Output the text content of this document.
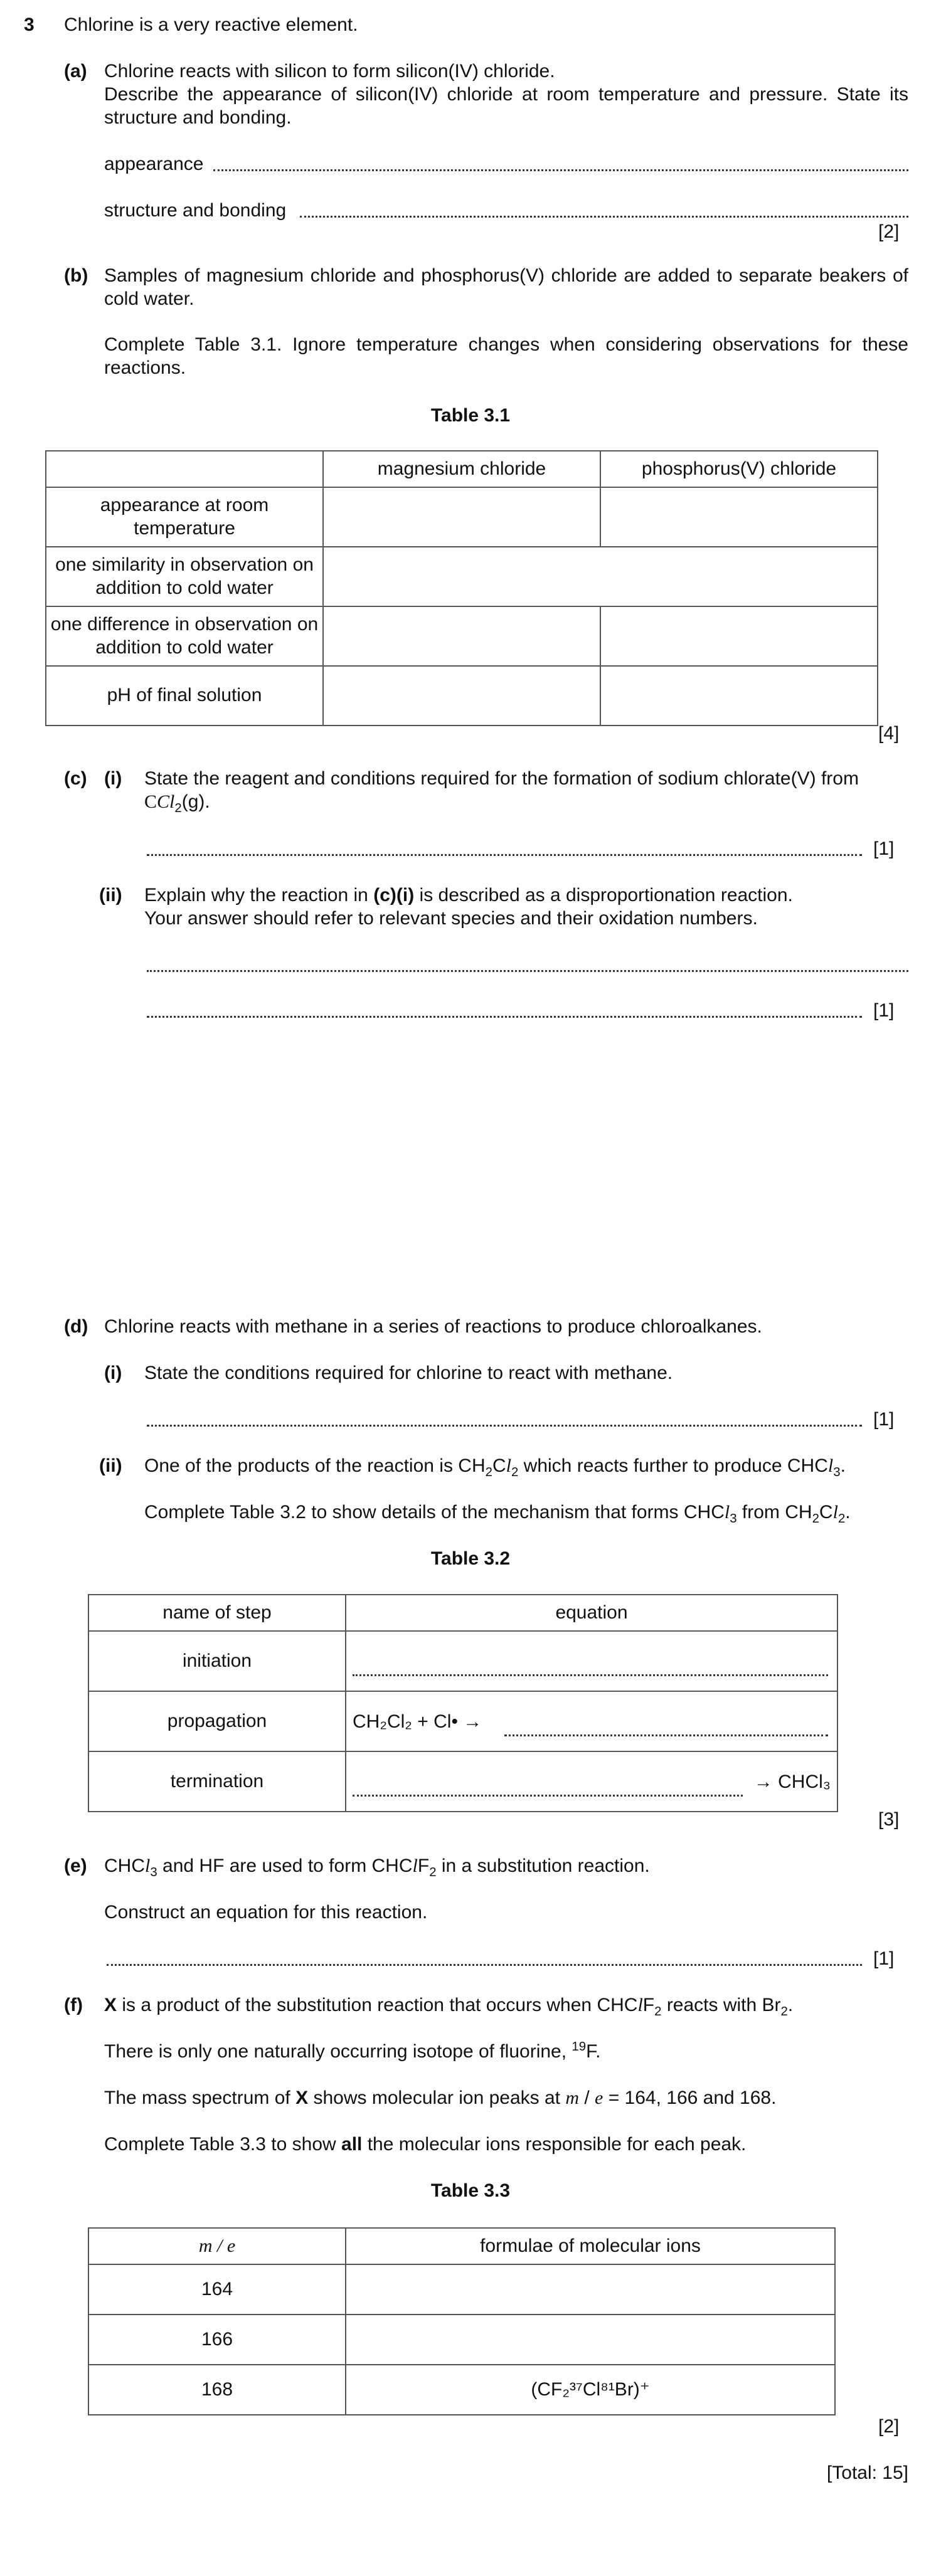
3 Chlorine is a very reactive element.
(a) Chlorine reacts with silicon to form silicon(IV) chloride.
Describe the appearance of silicon(IV) chloride at room temperature and pressure. State its structure and bonding.
appearance
structure and bonding
[2]
(b) Samples of magnesium chloride and phosphorus(V) chloride are added to separate beakers of cold water.
Complete Table 3.1. Ignore temperature changes when considering observations for these reactions.
Table 3.1
	magnesium chloride	phosphorus(V) chloride
appearance at room temperature		
one similarity in observation on addition to cold water		
one difference in observation on addition to cold water		
pH of final solution		
[4]
(c) (i) State the reagent and conditions required for the formation of sodium chlorate(V) from
CCl$_2$(g).
[1]
(ii) Explain why the reaction in (c)(i) is described as a disproportionation reaction.
Your answer should refer to relevant species and their oxidation numbers.
[1]
(d) Chlorine reacts with methane in a series of reactions to produce chloroalkanes.
(i) State the conditions required for chlorine to react with methane.
[1]
(ii) One of the products of the reaction is $CH_2Cl_2$ which reacts further to produce CHCl$_3$.
Complete Table 3.2 to show details of the mechanism that forms CHCl$_3$ from $CH_2Cl_2$.
Table 3.2
name of step	equation
initiation	

propagation	CH₂Cl₂ + Cl• →

termination	→ CHCl₃
[3]
(e) CHCl$_3$ and HF are used to form CHClF$_2$ in a substitution reaction.
Construct an equation for this reaction.
[1]
(f) X is a product of the substitution reaction that occurs when CHClF$_2$ reacts with $Br_2$.
There is only one naturally occurring isotope of fluorine, $^{19}$F.
The mass spectrum of X shows molecular ion peaks at m / e = 164, 166 and 168.
Complete Table 3.3 to show all the molecular ions responsible for each peak.
Table 3.3
m / e	formulae of molecular ions
164	
166	
168	(CF₂³⁷Cl⁸¹Br)⁺
[2]
[Total: 15]
